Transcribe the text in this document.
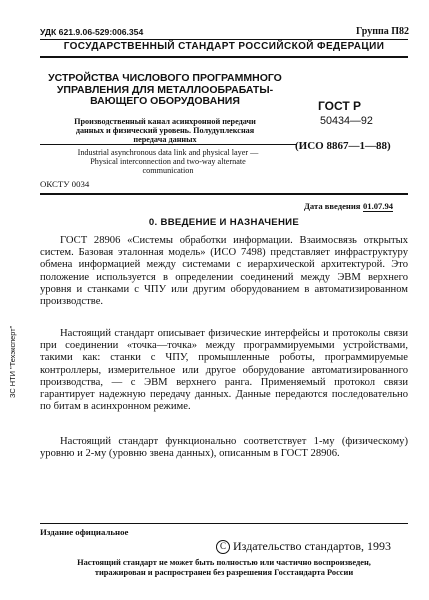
УДК 621.9.06-529:006.354	Группа П82
ГОСУДАРСТВЕННЫЙ СТАНДАРТ РОССИЙСКОЙ ФЕДЕРАЦИИ
УСТРОЙСТВА ЧИСЛОВОГО ПРОГРАММНОГО
УПРАВЛЕНИЯ ДЛЯ МЕТАЛЛООБРАБАТЫ-
ВАЮЩЕГО ОБОРУДОВАНИЯ
Производственный канал асинхронной передачи
данных и физический уровень. Полудуплексная
передача данных
Industrial asynchronous data link and physical layer —
Physical interconnection and two-way alternate
communication
ГОСТ Р
50434—92
(ИСО 8867—1—88)
ОКСТУ 0034
Дата введения 01.07.94
0. ВВЕДЕНИЕ И НАЗНАЧЕНИЕ

ГОСТ 28906 «Системы обработки информации. Взаимосвязь открытых систем. Базовая эталонная модель» (ИСО 7498) представляет инфраструктуру обмена информацией между системами с иерархической архитектурой. Это положение используется в определении соединений между ЭВМ верхнего уровня и станками с ЧПУ или другим оборудованием в автоматизированном производстве.

Настоящий стандарт описывает физические интерфейсы и протоколы связи при соединении «точка—точка» между программируемыми устройствами, такими как: станки с ЧПУ, промышленные роботы, программируемые контроллеры, измерительное или другое оборудование автоматизированного производства, — с ЭВМ верхнего ранга. Применяемый протокол связи гарантирует надежную передачу данных. Данные передаются последовательно по битам в асинхронном режиме.

Настоящий стандарт функционально соответствует 1-му (физическому) уровню и 2-му (уровню звена данных), описанным в ГОСТ 28906.

ЗС НТИ "Техэксперт"
Издание официальное
C Издательство стандартов, 1993
Настоящий стандарт не может быть полностью или частично воспроизведен,
тиражирован и распространен без разрешения Госстандарта России
